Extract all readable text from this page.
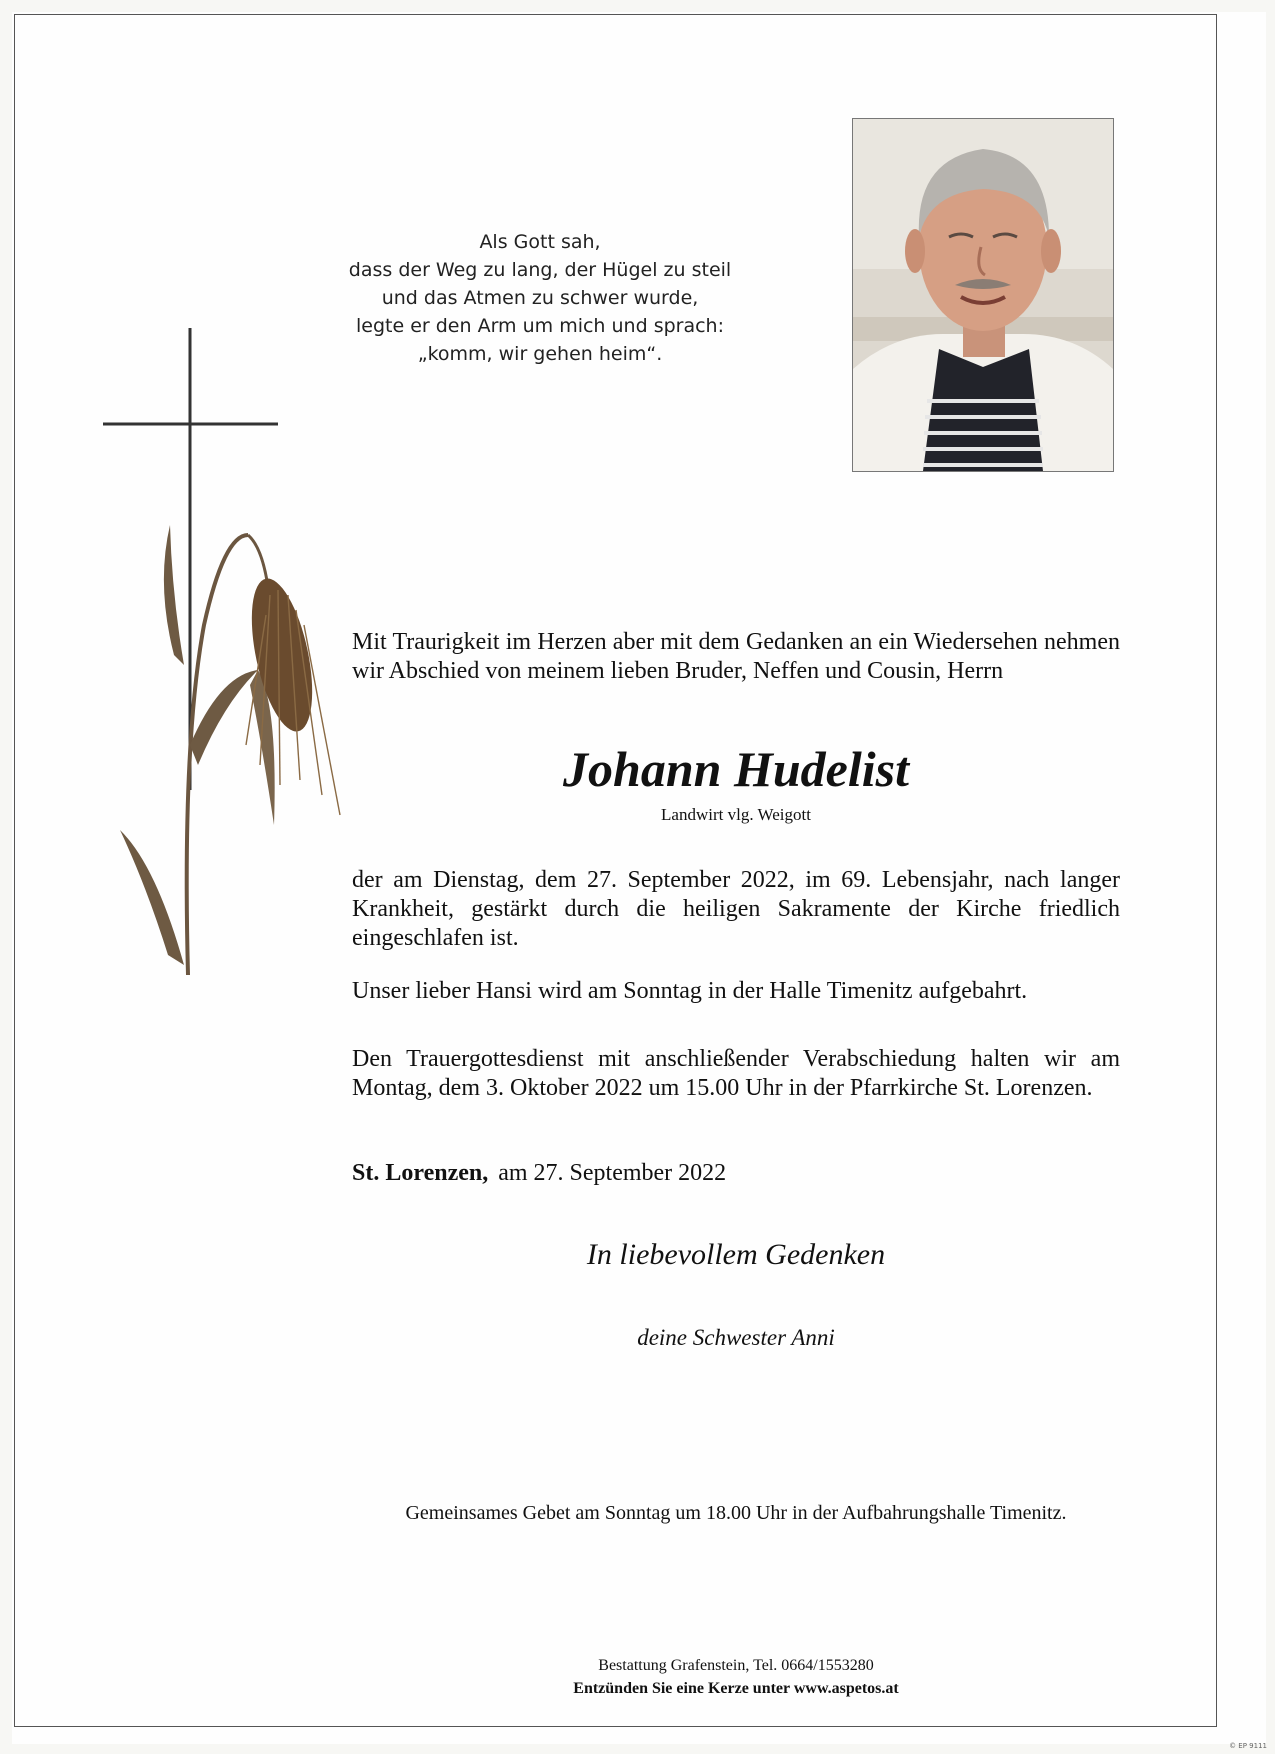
Als Gott sah,
dass der Weg zu lang, der Hügel zu steil
und das Atmen zu schwer wurde,
legte er den Arm um mich und sprach:
„komm, wir gehen heim“.
Mit Traurigkeit im Herzen aber mit dem Gedanken an ein Wiedersehen nehmen wir Abschied von meinem lieben Bruder, Neffen und Cousin, Herrn
Johann Hudelist
Landwirt vlg. Weigott
der am Dienstag, dem 27. September 2022, im 69. Lebensjahr, nach langer Krankheit, gestärkt durch die heiligen Sakramente der Kirche friedlich eingeschlafen ist.
Unser lieber Hansi wird am Sonntag in der Halle Timenitz aufgebahrt.
Den Trauergottesdienst mit anschließender Verabschiedung halten wir am Montag, dem 3. Oktober 2022 um 15.00 Uhr in der Pfarrkirche St. Lorenzen.
St. Lorenzen, am 27. September 2022
In liebevollem Gedenken
deine Schwester Anni
Gemeinsames Gebet am Sonntag um 18.00 Uhr in der Aufbahrungshalle Timenitz.
Bestattung Grafenstein, Tel. 0664/1553280
Entzünden Sie eine Kerze unter www.aspetos.at
© EP 9111
